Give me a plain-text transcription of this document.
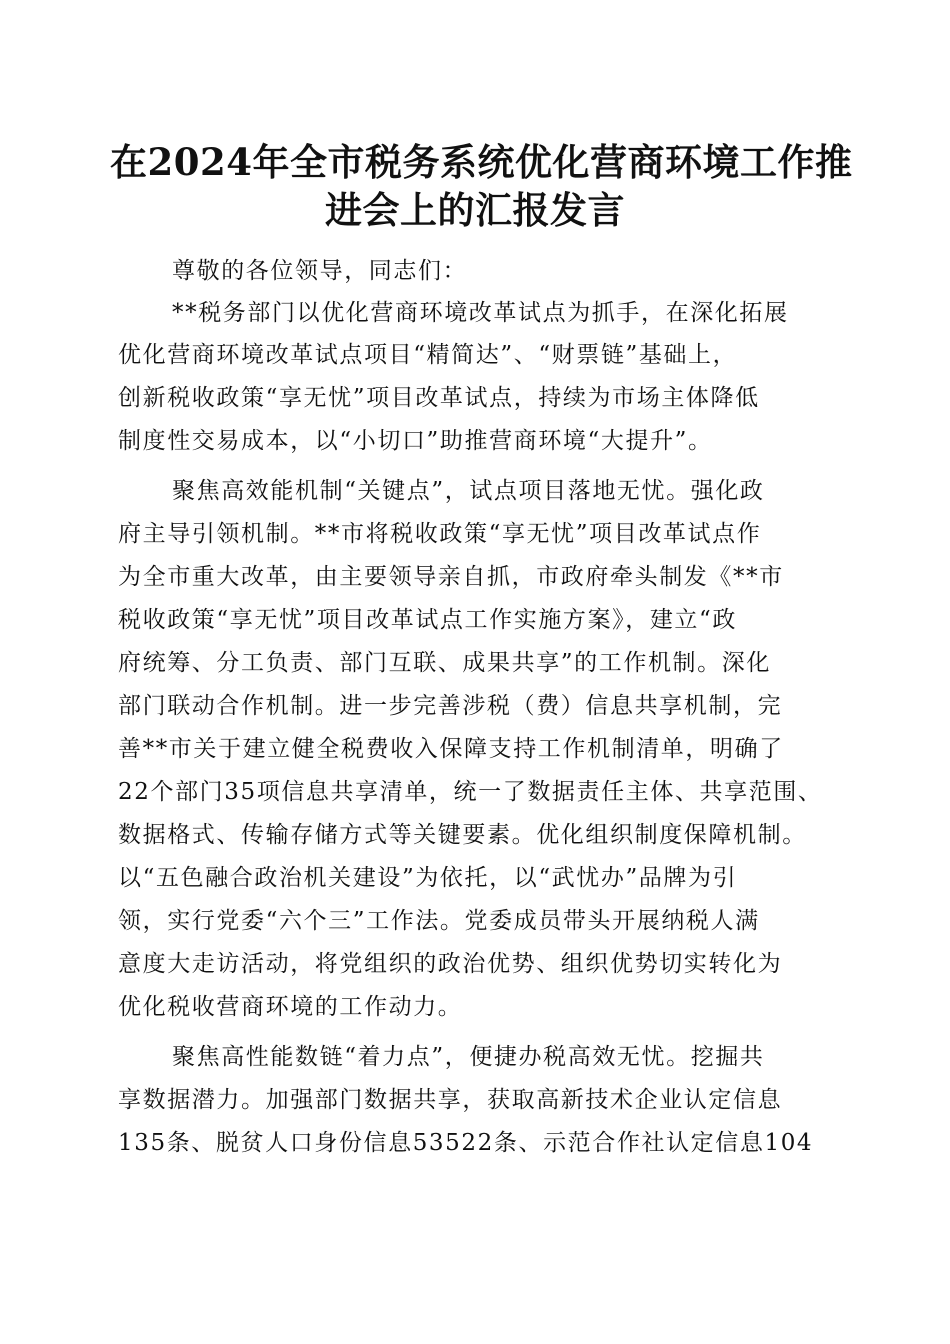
在2024年全市税务系统优化营商环境工作推
进会上的汇报发言
尊敬的各位领导，同志们：
**税务部门以优化营商环境改革试点为抓手，在深化拓展
优化营商环境改革试点项目“精简达”、“财票链”基础上，
创新税收政策“享无忧”项目改革试点，持续为市场主体降低
制度性交易成本，以“小切口”助推营商环境“大提升”。
聚焦高效能机制“关键点”，试点项目落地无忧。强化政
府主导引领机制。**市将税收政策“享无忧”项目改革试点作
为全市重大改革，由主要领导亲自抓，市政府牵头制发《**市
税收政策“享无忧”项目改革试点工作实施方案》，建立“政
府统筹、分工负责、部门互联、成果共享”的工作机制。深化
部门联动合作机制。进一步完善涉税（费）信息共享机制，完
善**市关于建立健全税费收入保障支持工作机制清单，明确了
22个部门35项信息共享清单，统一了数据责任主体、共享范围、
数据格式、传输存储方式等关键要素。优化组织制度保障机制。
以“五色融合政治机关建设”为依托，以“武忧办”品牌为引
领，实行党委“六个三”工作法。党委成员带头开展纳税人满
意度大走访活动，将党组织的政治优势、组织优势切实转化为
优化税收营商环境的工作动力。
聚焦高性能数链“着力点”，便捷办税高效无忧。挖掘共
享数据潜力。加强部门数据共享，获取高新技术企业认定信息
135条、脱贫人口身份信息53522条、示范合作社认定信息104
